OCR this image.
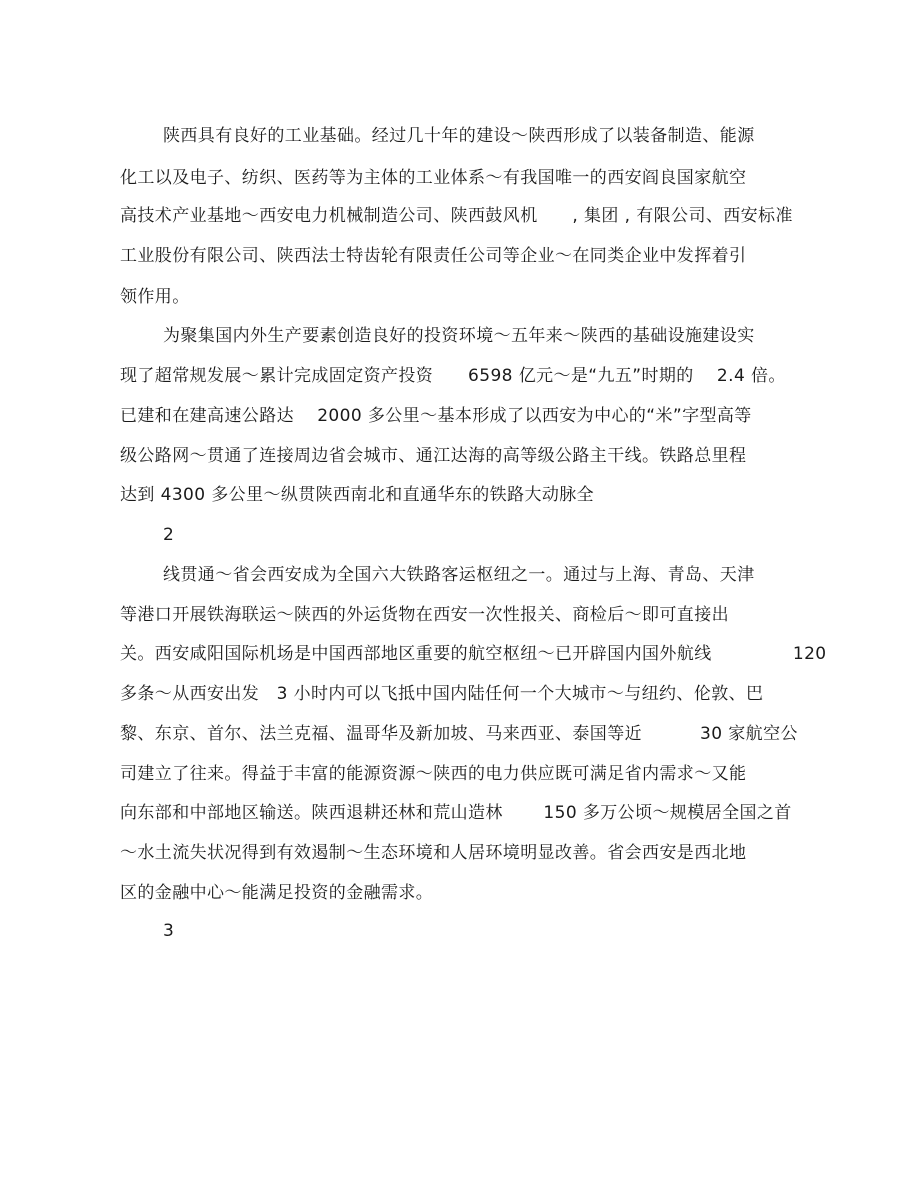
陕西具有良好的工业基础。经过几十年的建设～陕西形成了以装备制造、能源
化工以及电子、纺织、医药等为主体的工业体系～有我国唯一的西安阎良国家航空
高技术产业基地～西安电力机械制造公司、陕西鼓风机      , 集团 , 有限公司、西安标准
工业股份有限公司、陕西法士特齿轮有限责任公司等企业～在同类企业中发挥着引
领作用。
为聚集国内外生产要素创造良好的投资环境～五年来～陕西的基础设施建设实
现了超常规发展～累计完成固定资产投资      6598 亿元～是“九五”时期的    2.4 倍。
已建和在建高速公路达    2000 多公里～基本形成了以西安为中心的“米”字型高等
级公路网～贯通了连接周边省会城市、通江达海的高等级公路主干线。铁路总里程
达到 4300 多公里～纵贯陕西南北和直通华东的铁路大动脉全
2
线贯通～省会西安成为全国六大铁路客运枢纽之一。通过与上海、青岛、天津
等港口开展铁海联运～陕西的外运货物在西安一次性报关、商检后～即可直接出
关。西安咸阳国际机场是中国西部地区重要的航空枢纽～已开辟国内国外航线              120
多条～从西安出发   3 小时内可以飞抵中国内陆任何一个大城市～与纽约、伦敦、巴
黎、东京、首尔、法兰克福、温哥华及新加坡、马来西亚、泰国等近          30 家航空公
司建立了往来。得益于丰富的能源资源～陕西的电力供应既可满足省内需求～又能
向东部和中部地区输送。陕西退耕还林和荒山造林       150 多万公顷～规模居全国之首
～水土流失状况得到有效遏制～生态环境和人居环境明显改善。省会西安是西北地
区的金融中心～能满足投资的金融需求。
3
